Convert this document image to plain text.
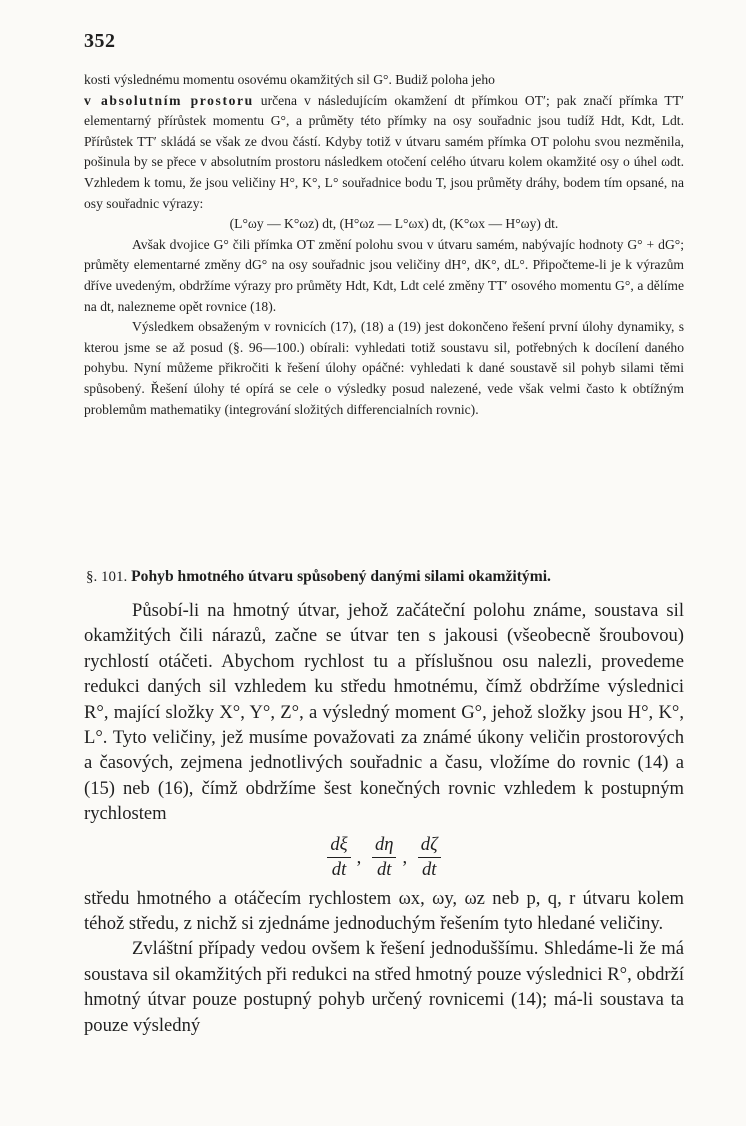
352

kosti výslednému momentu osovému okamžitých sil G°. Budiž poloha jeho
v absolutním prostoru určena v následujícím okamžení dt přímkou OT′; pak značí přímka TT′ elementarný přírůstek momentu G°, a průměty této přímky na osy souřadnic jsou tudíž Hdt, Kdt, Ldt. Přírůstek TT′ skládá se však ze dvou částí. Kdyby totiž v útvaru samém přímka OT polohu svou nezměnila, pošinula by se přece v absolutním prostoru následkem otočení celého útvaru kolem okamžité osy o úhel ωdt. Vzhledem k tomu, že jsou veličiny H°, K°, L° souřadnice bodu T, jsou průměty dráhy, bodem tím opsané, na osy souřadnic výrazy:

(L°ωy — K°ωz) dt, (H°ωz — L°ωx) dt, (K°ωx — H°ωy) dt.

Avšak dvojice G° čili přímka OT změní polohu svou v útvaru samém, nabývajíc hodnoty G° + dG°; průměty elementarné změny dG° na osy souřadnic jsou veličiny dH°, dK°, dL°. Připočteme-li je k výrazům dříve uvedeným, obdržíme výrazy pro průměty Hdt, Kdt, Ldt celé změny TT′ osového momentu G°, a dělíme na dt, nalezneme opět rovnice (18).

Výsledkem obsaženým v rovnicích (17), (18) a (19) jest dokončeno řešení první úlohy dynamiky, s kterou jsme se až posud (§. 96—100.) obírali: vyhledati totiž soustavu sil, potřebných k docílení daného pohybu. Nyní můžeme přikročiti k řešení úlohy opáčné: vyhledati k dané soustavě sil pohyb silami těmi spůsobený. Řešení úlohy té opírá se cele o výsledky posud nalezené, vede však velmi často k obtížným problemům mathematiky (integrování složitých differencialních rovnic).

§. 101. Pohyb hmotného útvaru spůsobený danými silami okamžitými.

Působí-li na hmotný útvar, jehož začáteční polohu známe, soustava sil okamžitých čili nárazů, začne se útvar ten s jakousi (všeobecně šroubovou) rychlostí otáčeti. Abychom rychlost tu a příslušnou osu nalezli, provedeme redukci daných sil vzhledem ku středu hmotnému, čímž obdržíme výslednici R°, mající složky X°, Y°, Z°, a výsledný moment G°, jehož složky jsou H°, K°, L°. Tyto veličiny, jež musíme považovati za známé úkony veličin prostorových a časových, zejmena jednotlivých souřadnic a času, vložíme do rovnic (14) a (15) neb (16), čímž obdržíme šest konečných rovnic vzhledem k postupným rychlostem

$\frac{d\xi}{dt}$ , $\frac{d\eta}{dt}$ , $\frac{d\zeta}{dt}$

středu hmotného a otáčecím rychlostem ωx, ωy, ωz neb p, q, r útvaru kolem téhož středu, z nichž si zjednáme jednoduchým řešením tyto hledané veličiny.

Zvláštní případy vedou ovšem k řešení jednoduššímu. Shledáme-li že má soustava sil okamžitých při redukci na střed hmotný pouze výslednici R°, obdrží hmotný útvar pouze postupný pohyb určený rovnicemi (14); má-li soustava ta pouze výsledný
